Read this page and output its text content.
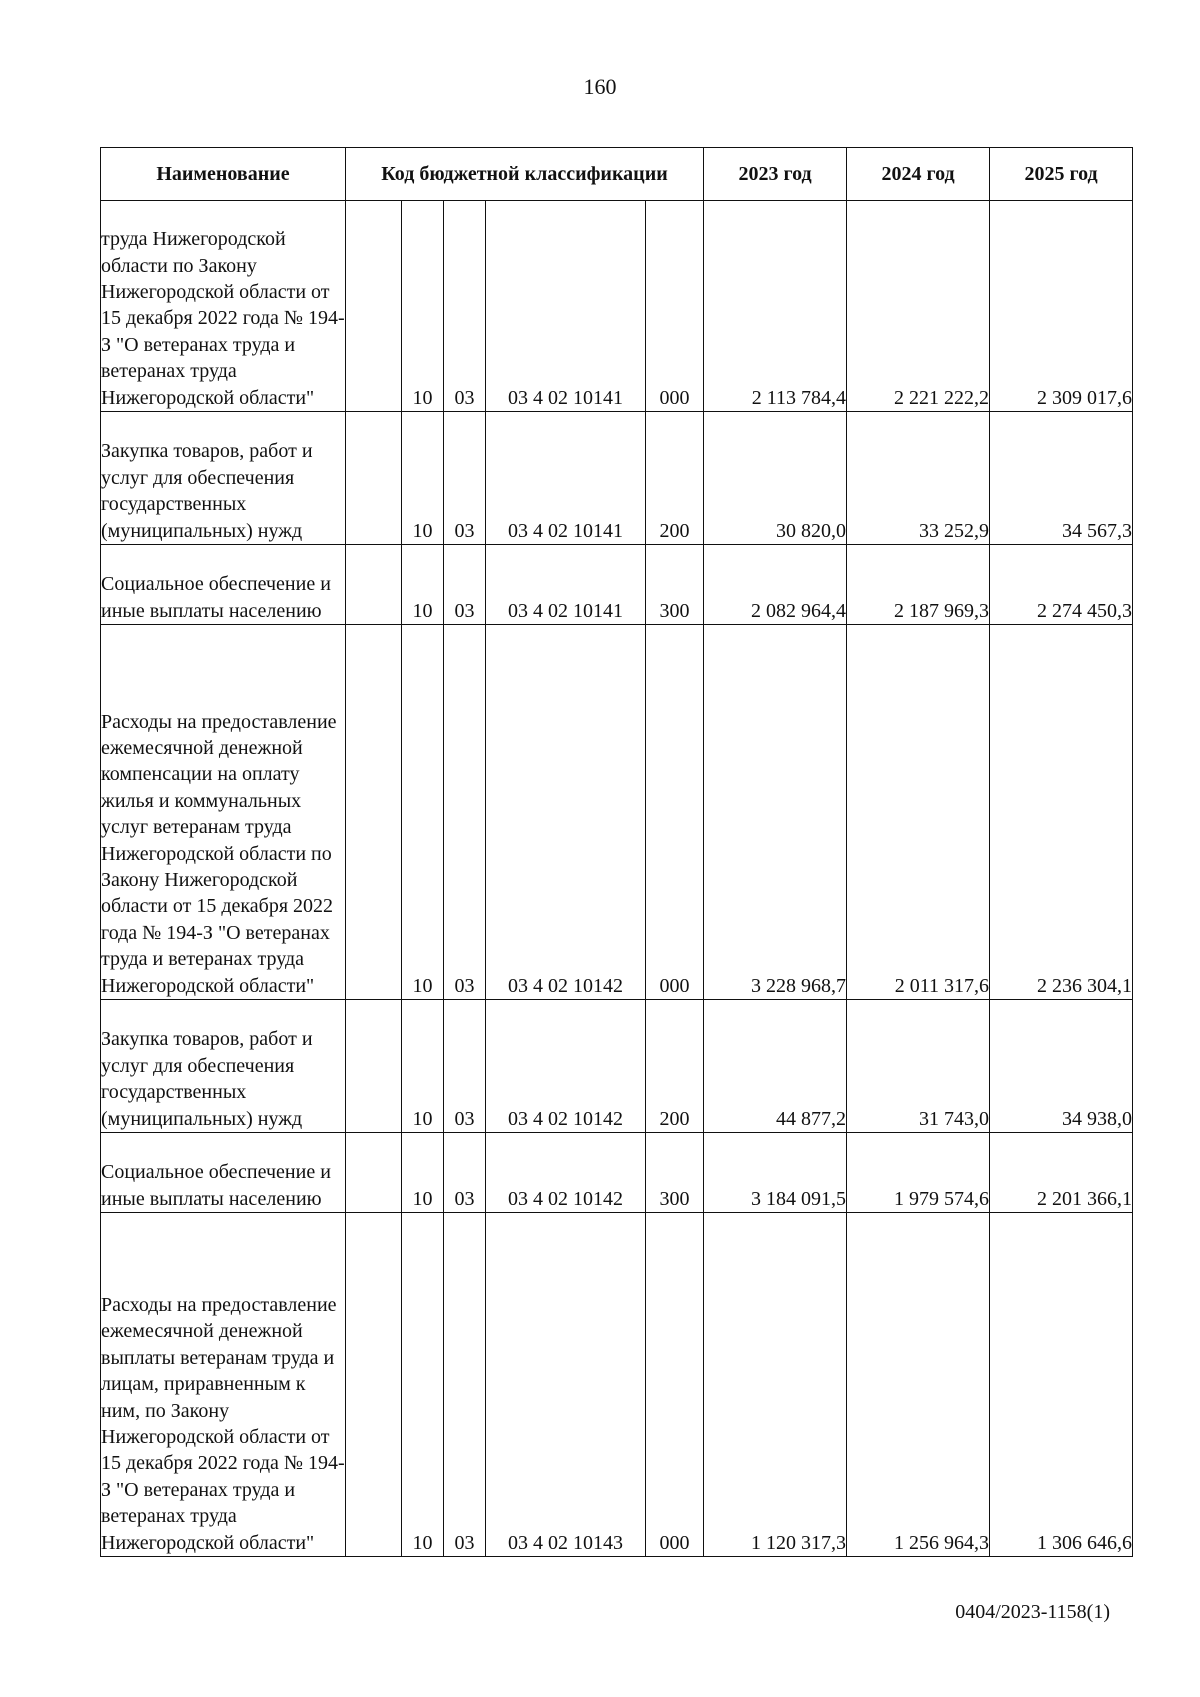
160
Наименование	Код бюджетной классификации					2023 год	2024 год	2025 год
труда Нижегородской области по Закону Нижегородской области от 15 декабря 2022 года № 194-З "О ветеранах труда и ветеранах труда Нижегородской области"		10	03	03 4 02 10141	000	2 113 784,4	2 221 222,2	2 309 017,6
Закупка товаров, работ и услуг для обеспечения государственных (муниципальных) нужд		10	03	03 4 02 10141	200	30 820,0	33 252,9	34 567,3
Социальное обеспечение и иные выплаты населению		10	03	03 4 02 10141	300	2 082 964,4	2 187 969,3	2 274 450,3
Расходы на предоставление ежемесячной денежной компенсации на оплату жилья и коммунальных услуг ветеранам труда Нижегородской области по Закону Нижегородской области от 15 декабря 2022 года № 194-З "О ветеранах труда и ветеранах труда Нижегородской области"		10	03	03 4 02 10142	000	3 228 968,7	2 011 317,6	2 236 304,1
Закупка товаров, работ и услуг для обеспечения государственных (муниципальных) нужд		10	03	03 4 02 10142	200	44 877,2	31 743,0	34 938,0
Социальное обеспечение и иные выплаты населению		10	03	03 4 02 10142	300	3 184 091,5	1 979 574,6	2 201 366,1
Расходы на предоставление ежемесячной денежной выплаты ветеранам труда и лицам, приравненным к ним, по Закону Нижегородской области от 15 декабря 2022 года № 194-З "О ветеранах труда и ветеранах труда Нижегородской области"		10	03	03 4 02 10143	000	1 120 317,3	1 256 964,3	1 306 646,6
0404/2023-1158(1)
